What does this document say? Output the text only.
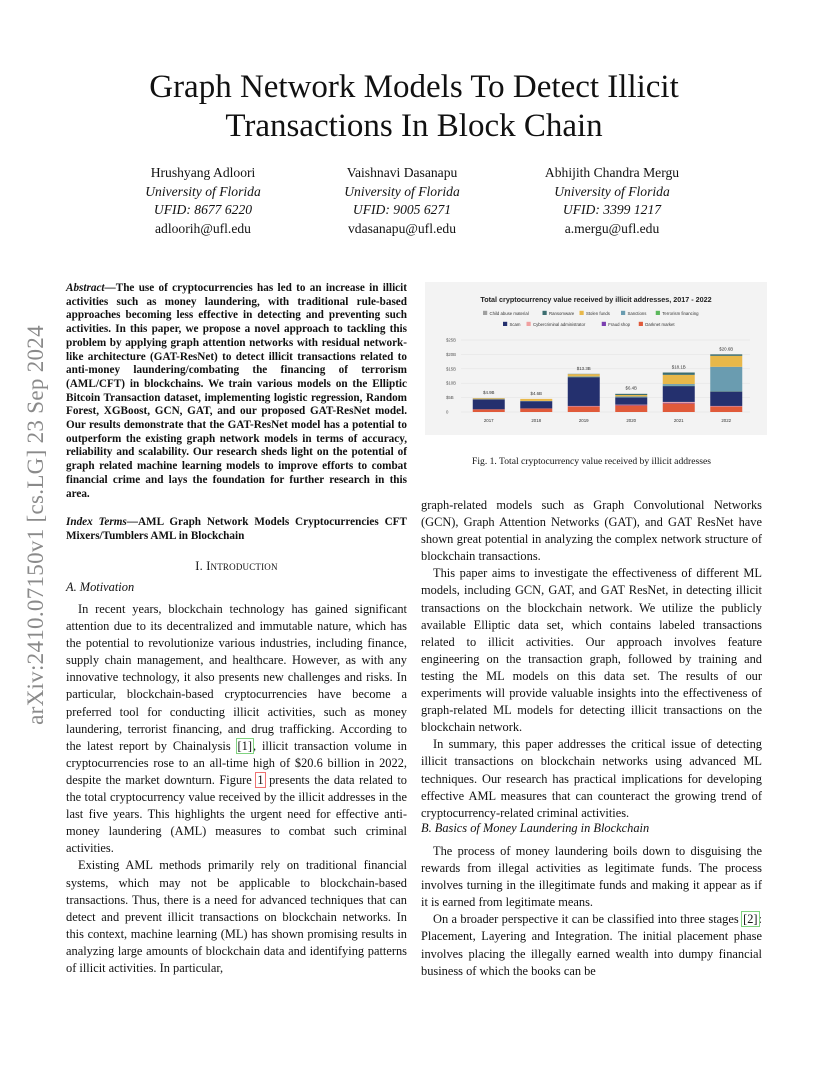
arXiv:2410.07150v1 [cs.LG] 23 Sep 2024
Graph Network Models To Detect Illicit
Transactions In Block Chain
Hrushyang Adloori
University of Florida
UFID: 8677 6220
adloorih@ufl.edu
Vaishnavi Dasanapu
University of Florida
UFID: 9005 6271
vdasanapu@ufl.edu
Abhijith Chandra Mergu
University of Florida
UFID: 3399 1217
a.mergu@ufl.edu
Abstract—The use of cryptocurrencies has led to an increase in illicit activities such as money laundering, with traditional rule-based approaches becoming less effective in detecting and preventing such activities. In this paper, we propose a novel approach to tackling this problem by applying graph attention networks with residual network-like architecture (GAT-ResNet) to detect illicit transactions related to anti-money laundering/combating the financing of terrorism (AML/CFT) in blockchains. We train various models on the Elliptic Bitcoin Transaction dataset, implementing logistic regression, Random Forest, XGBoost, GCN, GAT, and our proposed GAT-ResNet model. Our results demonstrate that the GAT-ResNet model has a potential to outperform the existing graph network models in terms of accuracy, reliability and scalability. Our research sheds light on the potential of graph related machine learning models to improve efforts to combat financial crime and lays the foundation for further research in this area.
Index Terms—AML Graph Network Models Cryptocurrencies CFT Mixers/Tumblers AML in Blockchain
I. Introduction
A. Motivation

In recent years, blockchain technology has gained significant attention due to its decentralized and immutable nature, which has the potential to revolutionize various industries, including finance, supply chain management, and healthcare. However, as with any innovative technology, it also presents new challenges and risks. In particular, blockchain-based cryptocurrencies have become a preferred tool for conducting illicit activities, such as money laundering, terrorist financing, and drug trafficking. According to the latest report by Chainalysis [1], illicit transaction volume in cryptocurrencies rose to an all-time high of $20.6 billion in 2022, despite the market downturn. Figure 1 presents the data related to the total cryptocurrency value received by the illicit addresses in the last five years. This highlights the urgent need for effective anti-money laundering (AML) measures to combat such criminal activities.

Existing AML methods primarily rely on traditional financial systems, which may not be applicable to blockchain-based transactions. Thus, there is a need for advanced techniques that can detect and prevent illicit transactions on blockchain networks. In this context, machine learning (ML) has shown promising results in analyzing large amounts of blockchain data and identifying patterns of illicit activities. In particular,

Total cryptocurrency value received by illicit addresses, 2017 - 2022
Child abuse material	Ransomware	Stolen funds	Sanctions	Terrorism financing
Scam	Cybercriminal administrator	Fraud shop	Darknet market
$25B
$20B
$15B
$10B
$5B
0
$4.9B
2017
$4.6B
2018
$13.3B
2019
$6.4B
2020
$18.1B
2021
$20.6B
2022
Fig. 1. Total cryptocurrency value received by illicit addresses

graph-related models such as Graph Convolutional Networks (GCN), Graph Attention Networks (GAT), and GAT ResNet have shown great potential in analyzing the complex network structure of blockchain transactions.

This paper aims to investigate the effectiveness of different ML models, including GCN, GAT, and GAT ResNet, in detecting illicit transactions on the blockchain network. We utilize the publicly available Elliptic data set, which contains labeled transactions related to illicit activities. Our approach involves feature engineering on the transaction graph, followed by training and testing the ML models on this data set. The results of our experiments will provide valuable insights into the effectiveness of graph-related ML models for detecting illicit transactions on the blockchain network.

In summary, this paper addresses the critical issue of detecting illicit transactions on blockchain networks using advanced ML techniques. Our research has practical implications for developing effective AML measures that can counteract the growing trend of cryptocurrency-related criminal activities.

B. Basics of Money Laundering in Blockchain

The process of money laundering boils down to disguising the rewards from illegal activities as legitimate funds. The process involves turning in the illegitimate funds and making it appear as if it is earned from legitimate means.

On a broader perspective it can be classified into three stages [2]: Placement, Layering and Integration. The initial placement phase involves placing the illegally earned wealth into dumpy financial business of which the books can be
